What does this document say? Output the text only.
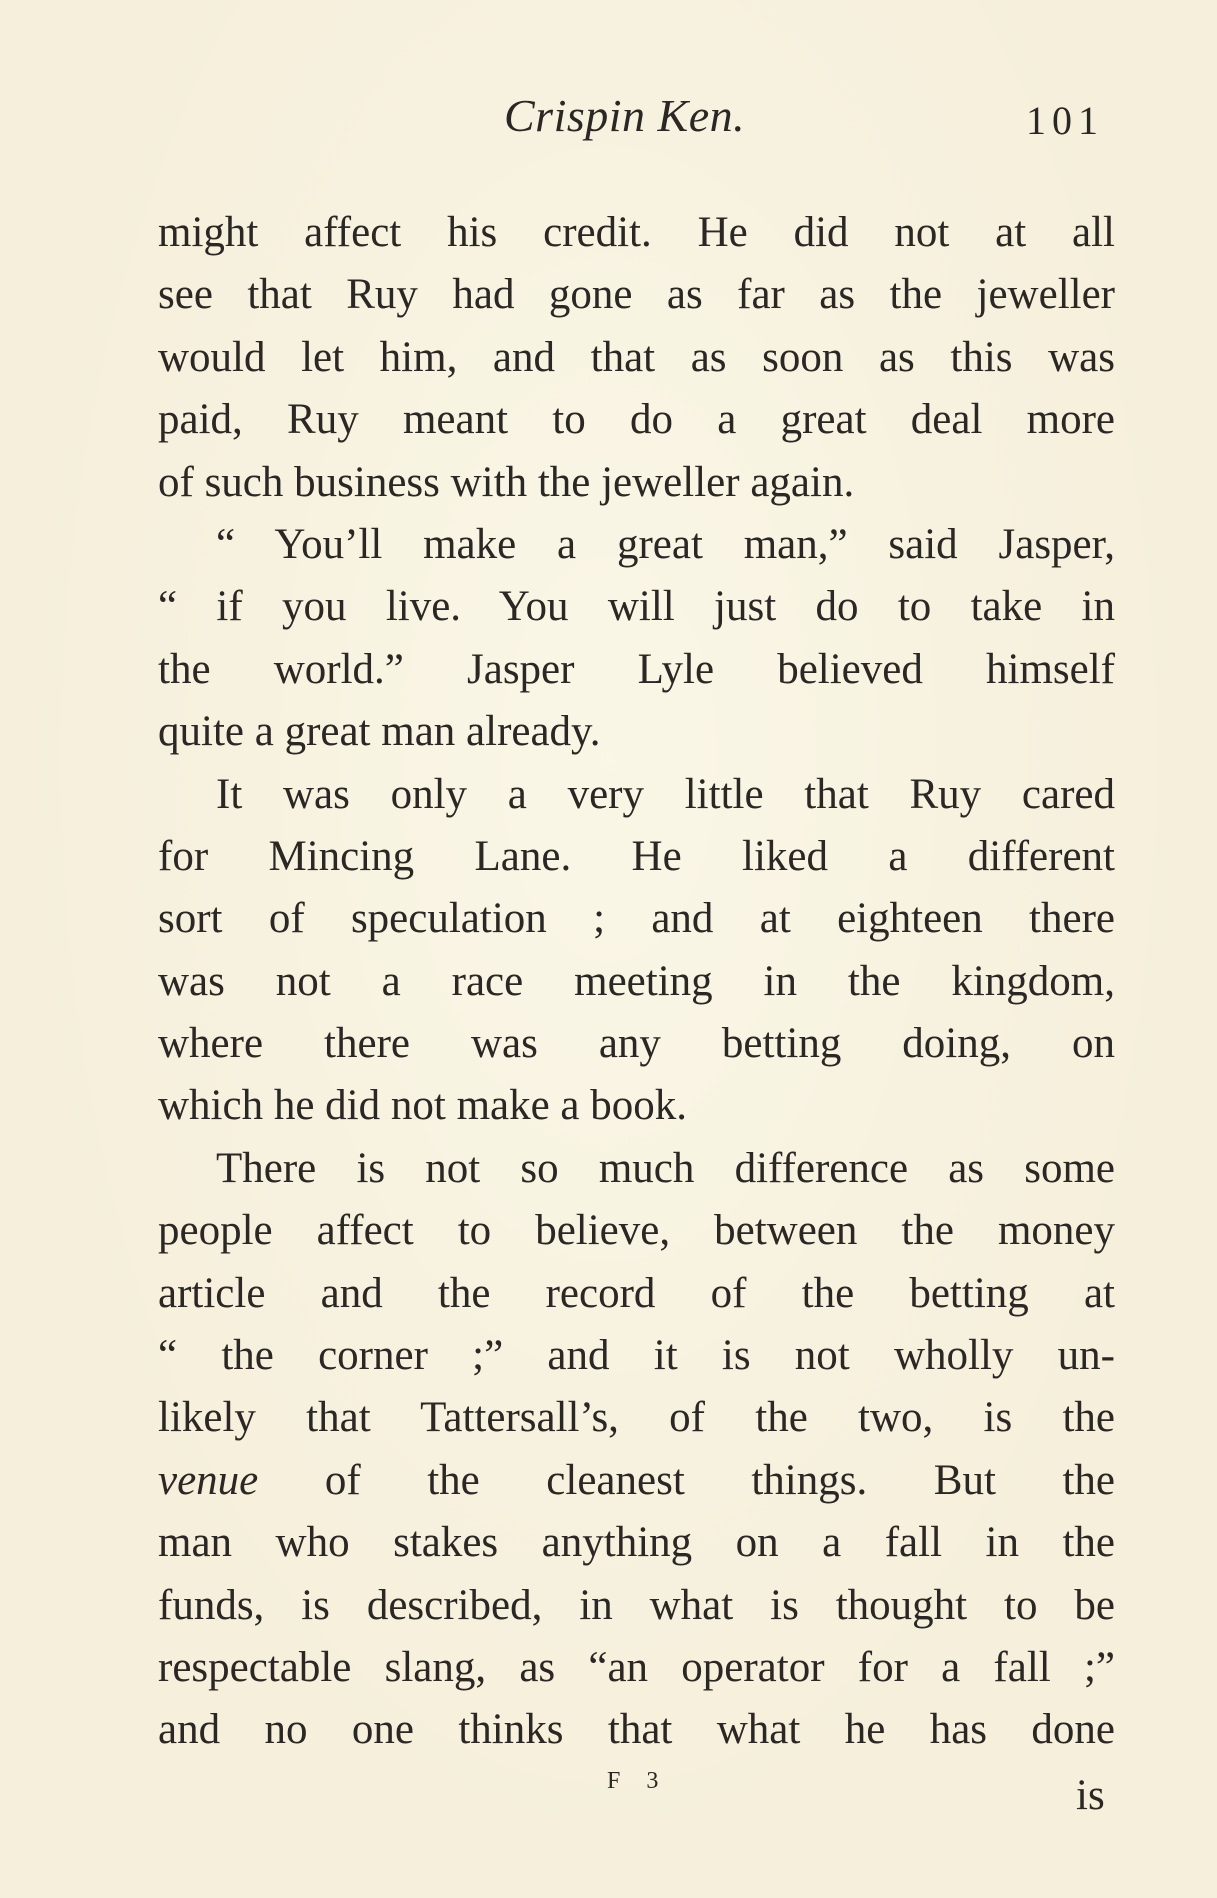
Crispin Ken.	101
might affect his credit. He did not at all
see that Ruy had gone as far as the jeweller
would let him, and that as soon as this was
paid, Ruy meant to do a great deal more
of such business with the jeweller again.
“ You’ll make a great man,” said Jasper,
“ if you live. You will just do to take in
the world.” Jasper Lyle believed himself
quite a great man already.
It was only a very little that Ruy cared
for Mincing Lane. He liked a different
sort of speculation ; and at eighteen there
was not a race meeting in the kingdom,
where there was any betting doing, on
which he did not make a book.
There is not so much difference as some
people affect to believe, between the money
article and the record of the betting at
“ the corner ;” and it is not wholly un-
likely that Tattersall’s, of the two, is the
venue of the cleanest things. But the
man who stakes anything on a fall in the
funds, is described, in what is thought to be
respectable slang, as “an operator for a fall ;”
and no one thinks that what he has done
F 3	is
